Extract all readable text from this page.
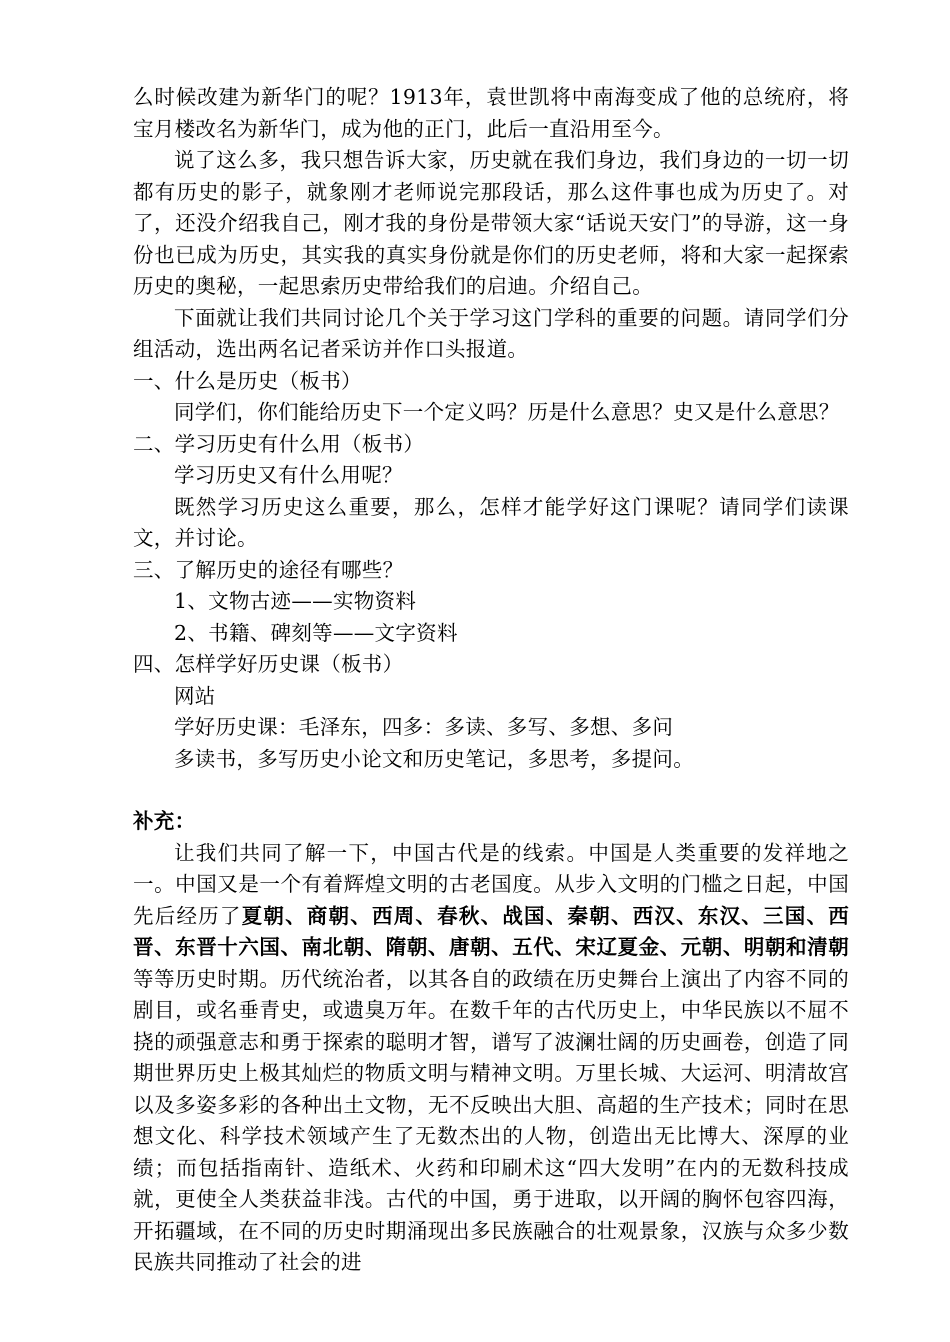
么时候改建为新华门的呢？1913年，袁世凯将中南海变成了他的总统府，将宝月楼改名为新华门，成为他的正门，此后一直沿用至今。

说了这么多，我只想告诉大家，历史就在我们身边，我们身边的一切一切都有历史的影子，就象刚才老师说完那段话，那么这件事也成为历史了。对了，还没介绍我自己，刚才我的身份是带领大家“话说天安门”的导游，这一身份也已成为历史，其实我的真实身份就是你们的历史老师，将和大家一起探索历史的奥秘，一起思索历史带给我们的启迪。介绍自己。

下面就让我们共同讨论几个关于学习这门学科的重要的问题。请同学们分组活动，选出两名记者采访并作口头报道。

一、什么是历史（板书）

同学们，你们能给历史下一个定义吗？历是什么意思？史又是什么意思？

二、学习历史有什么用（板书）

学习历史又有什么用呢？

既然学习历史这么重要，那么，怎样才能学好这门课呢？请同学们读课文，并讨论。

三、了解历史的途径有哪些？

1、文物古迹——实物资料

2、书籍、碑刻等——文字资料

四、怎样学好历史课（板书）

网站

学好历史课：毛泽东，四多：多读、多写、多想、多问

多读书，多写历史小论文和历史笔记，多思考，多提问。

补充：

让我们共同了解一下，中国古代是的线索。中国是人类重要的发祥地之一。中国又是一个有着辉煌文明的古老国度。从步入文明的门槛之日起，中国先后经历了夏朝、商朝、西周、春秋、战国、秦朝、西汉、东汉、三国、西晋、东晋十六国、南北朝、隋朝、唐朝、五代、宋辽夏金、元朝、明朝和清朝等等历史时期。历代统治者，以其各自的政绩在历史舞台上演出了内容不同的剧目，或名垂青史，或遗臭万年。在数千年的古代历史上，中华民族以不屈不挠的顽强意志和勇于探索的聪明才智，谱写了波澜壮阔的历史画卷，创造了同期世界历史上极其灿烂的物质文明与精神文明。万里长城、大运河、明清故宫以及多姿多彩的各种出土文物，无不反映出大胆、高超的生产技术；同时在思想文化、科学技术领域产生了无数杰出的人物，创造出无比博大、深厚的业绩；而包括指南针、造纸术、火药和印刷术这“四大发明”在内的无数科技成就，更使全人类获益非浅。古代的中国，勇于进取，以开阔的胸怀包容四海，开拓疆域，在不同的历史时期涌现出多民族融合的壮观景象，汉族与众多少数民族共同推动了社会的进
